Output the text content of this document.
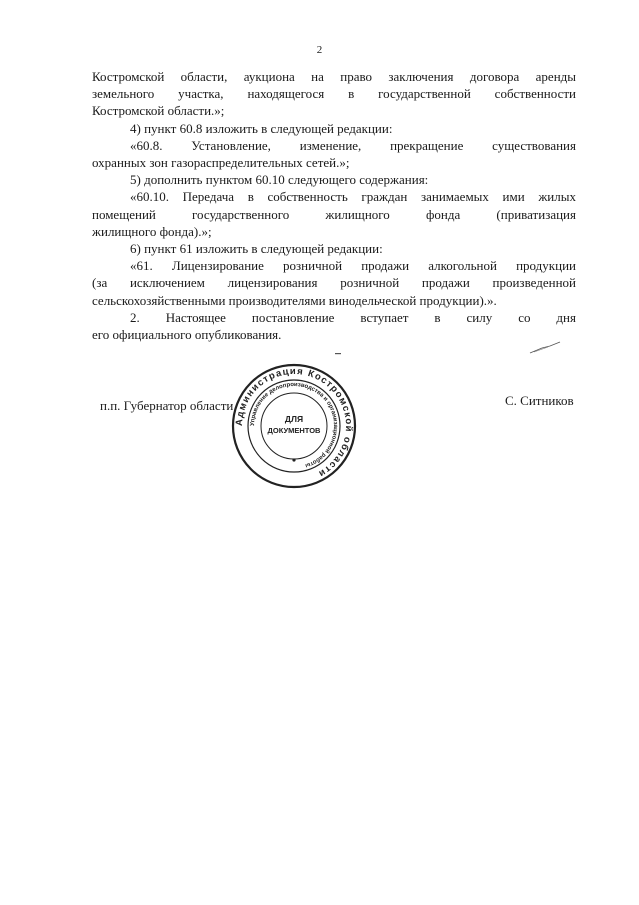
2

Костромской области, аукциона на право заключения договора аренды

земельного участка, находящегося в государственной собственности

Костромской области.»;

4) пункт 60.8 изложить в следующей редакции:

«60.8. Установление, изменение, прекращение существования

охранных зон газораспределительных сетей.»;

5) дополнить пунктом 60.10 следующего содержания:

«60.10. Передача в собственность граждан занимаемых ими жилых

помещений государственного жилищного фонда (приватизация

жилищного фонда).»;

6) пункт 61 изложить в следующей редакции:

«61. Лицензирование розничной продажи алкогольной продукции

(за исключением лицензирования розничной продажи произведенной

сельскохозяйственными производителями винодельческой продукции).».

2. Настоящее постановление вступает в силу со дня

его официального опубликования.

п.п. Губернатор области
Администрация Костромской области
Управление делопроизводства и организационной работы
ДЛЯ
ДОКУМЕНТОВ
С. Ситников
